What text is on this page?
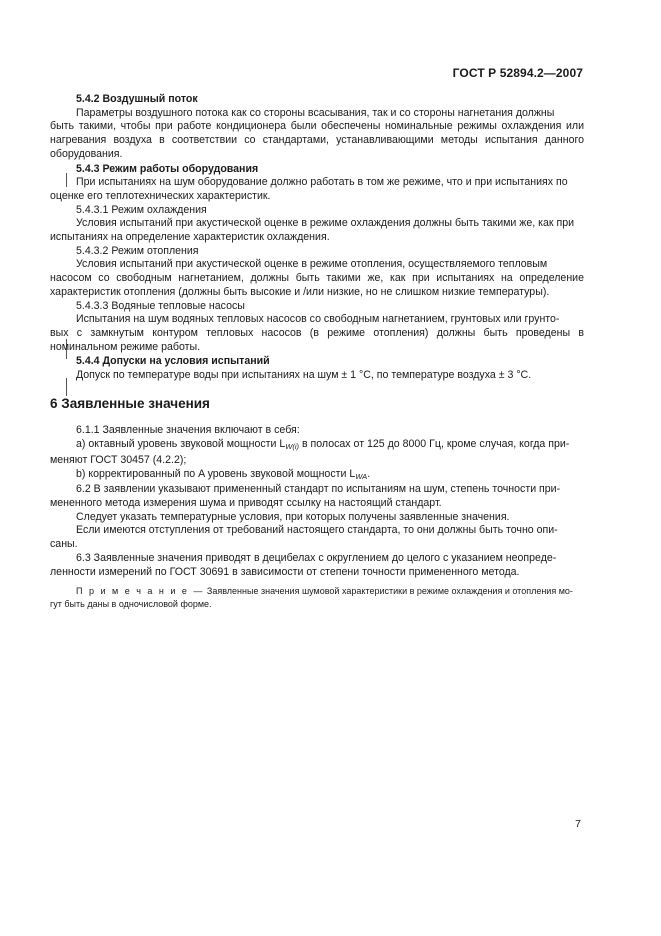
ГОСТ Р 52894.2—2007
5.4.2 Воздушный поток
Параметры воздушного потока как со стороны всасывания, так и со стороны нагнетания должны
быть такими, чтобы при работе кондиционера были обеспечены номинальные режимы охлаждения или нагревания воздуха в соответствии со стандартами, устанавливающими методы испытания данного оборудования.
5.4.3 Режим работы оборудования
При испытаниях на шум оборудование должно работать в том же режиме, что и при испытаниях по
оценке его теплотехнических характеристик.
5.4.3.1 Режим охлаждения
Условия испытаний при акустической оценке в режиме охлаждения должны быть такими же, как при
испытаниях на определение характеристик охлаждения.
5.4.3.2 Режим отопления
Условия испытаний при акустической оценке в режиме отопления, осуществляемого тепловым
насосом со свободным нагнетанием, должны быть такими же, как при испытаниях на определение характеристик отопления (должны быть высокие и /или низкие, но не слишком низкие температуры).
5.4.3.3 Водяные тепловые насосы
Испытания на шум водяных тепловых насосов со свободным нагнетанием, грунтовых или грунто-
вых с замкнутым контуром тепловых насосов (в режиме отопления) должны быть проведены в номинальном режиме работы.
5.4.4 Допуски на условия испытаний
Допуск по температуре воды при испытаниях на шум ± 1 °C, по температуре воздуха ± 3 °C.
6 Заявленные значения
6.1.1 Заявленные значения включают в себя:
а) октавный уровень звуковой мощности $L_{W(i)}$ в полосах от 125 до 8000 Гц, кроме случая, когда при-
меняют ГОСТ 30457 (4.2.2);
b) корректированный по A уровень звуковой мощности $L_{WA}$.
6.2 В заявлении указывают примененный стандарт по испытаниям на шум, степень точности при-
мененного метода измерения шума и приводят ссылку на настоящий стандарт.
Следует указать температурные условия, при которых получены заявленные значения.
Если имеются отступления от требований настоящего стандарта, то они должны быть точно опи-
саны.
6.3 Заявленные значения приводят в децибелах с округлением до целого с указанием неопреде-
ленности измерений по ГОСТ 30691 в зависимости от степени точности примененного метода.
П р и м е ч а н и е — Заявленные значения шумовой характеристики в режиме охлаждения и отопления мо-
гут быть даны в одночисловой форме.
7
